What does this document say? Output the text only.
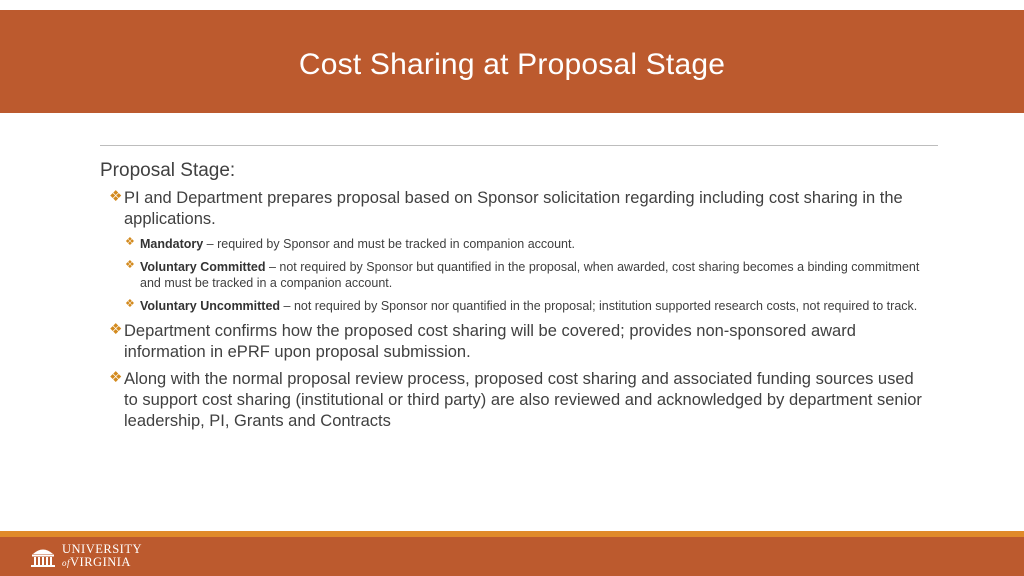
Cost Sharing at Proposal Stage
Proposal Stage:
❖ PI and Department prepares proposal based on Sponsor solicitation regarding including cost sharing in the applications.
❖ Mandatory – required by Sponsor and must be tracked in companion account.
❖ Voluntary Committed – not required by Sponsor but quantified in the proposal, when awarded, cost sharing becomes a binding commitment and must be tracked in a companion account.
❖ Voluntary Uncommitted – not required by Sponsor nor quantified in the proposal; institution supported research costs, not required to track.
❖ Department confirms how the proposed cost sharing will be covered; provides non-sponsored award information in ePRF upon proposal submission.
❖ Along with the normal proposal review process, proposed cost sharing and associated funding sources used to support cost sharing (institutional or third party) are also reviewed and acknowledged by department senior leadership, PI, Grants and Contracts
UNIVERSITY
ofVIRGINIA
